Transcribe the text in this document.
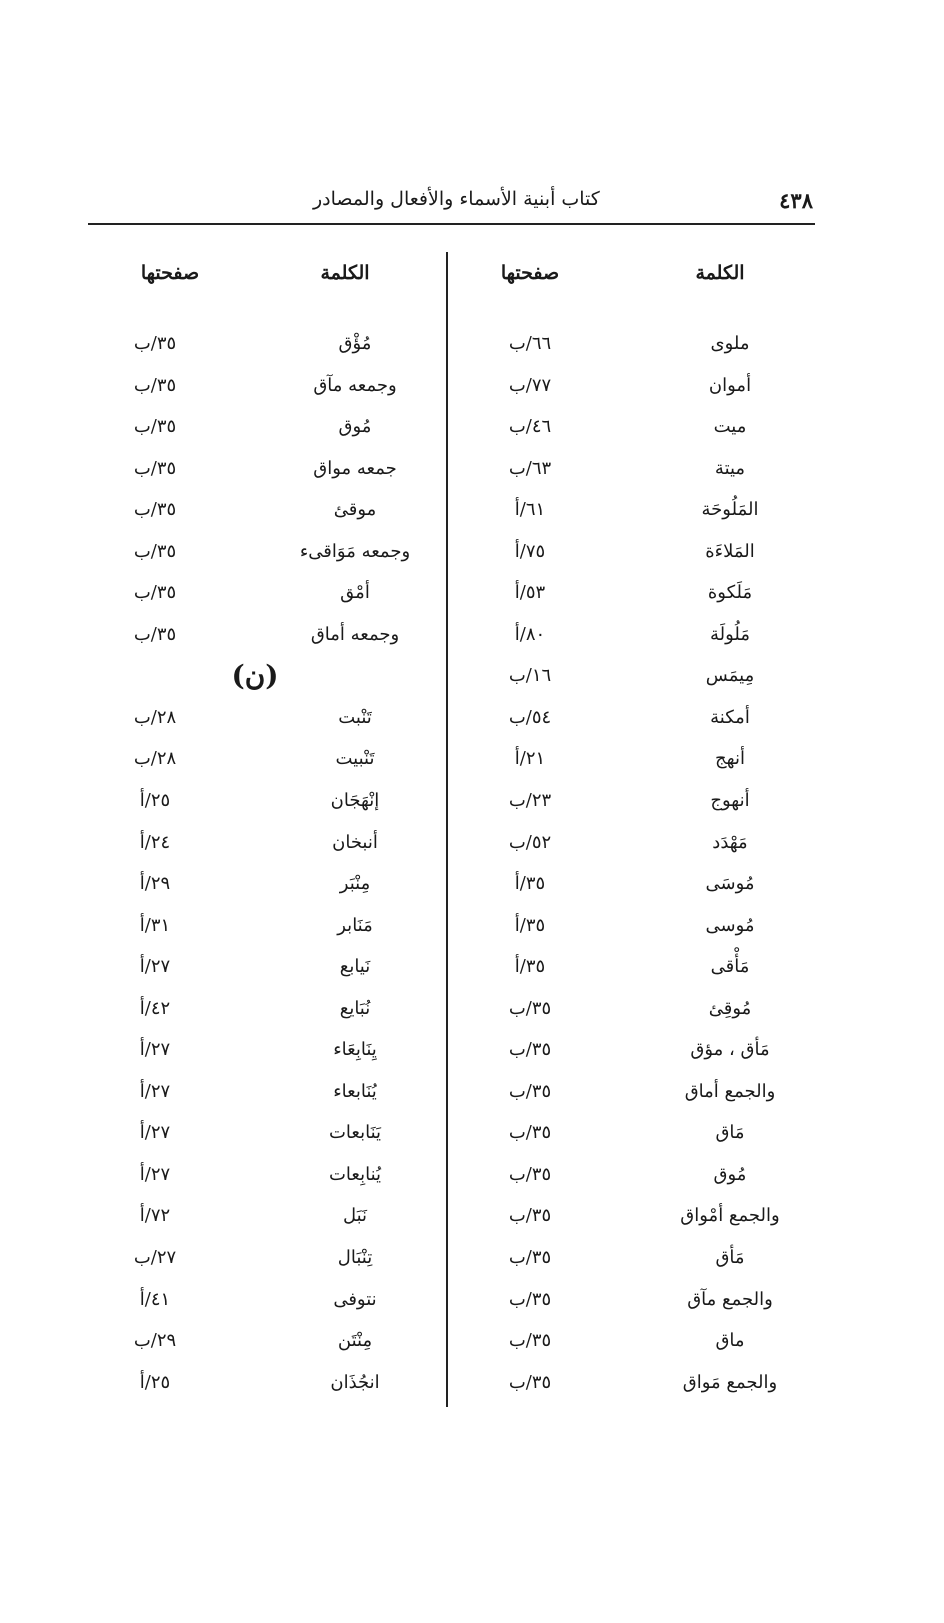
٤٣٨
كتاب أبنية الأسماء والأفعال والمصادر
الكلمة
صفحتها
الكلمة
صفحتها
ملوى
٦٦/ب
أموان
٧٧/ب
ميت
٤٦/ب
ميتة
٦٣/ب
المَلُوحَة
٦١/أ
المَلاءَة
٧٥/أ
مَلَكوة
٥٣/أ
مَلُولَة
٨٠/أ
مِيمَس
١٦/ب
أمكنة
٥٤/ب
أنهج
٢١/أ
أنهوج
٢٣/ب
مَهْدَد
٥٢/ب
مُوسَى
٣٥/أ
مُوسى
٣٥/أ
مَأْقى
٣٥/أ
مُوقِئ
٣٥/ب
مَأق ، مؤق
٣٥/ب
والجمع أماق
٣٥/ب
مَاق
٣٥/ب
مُوق
٣٥/ب
والجمع أمْواق
٣٥/ب
مَأق
٣٥/ب
والجمع مآق
٣٥/ب
ماق
٣٥/ب
والجمع مَواق
٣٥/ب
مُؤْق
٣٥/ب
وجمعه مآق
٣٥/ب
مُوق
٣٥/ب
جمعه مواق
٣٥/ب
موقئ
٣٥/ب
وجمعه مَوَاقىء
٣٥/ب
أمْق
٣٥/ب
وجمعه أماق
٣٥/ب
(ن)
تَنْبت
٢٨/ب
تَنْبيت
٢٨/ب
إنْهَجَان
٢٥/أ
أنبخان
٢٤/أ
مِنْبَر
٢٩/أ
مَنَابر
٣١/أ
نَيابع
٢٧/أ
نُبَايع
٤٢/أ
يِنَابِعَاء
٢٧/أ
يُنَابعاء
٢٧/أ
يَنَابعات
٢٧/أ
يُنابِعات
٢٧/أ
نَبَل
٧٢/أ
تِنْبَال
٢٧/ب
نتوفى
٤١/أ
مِنْتَن
٢٩/ب
انجُذَان
٢٥/أ
